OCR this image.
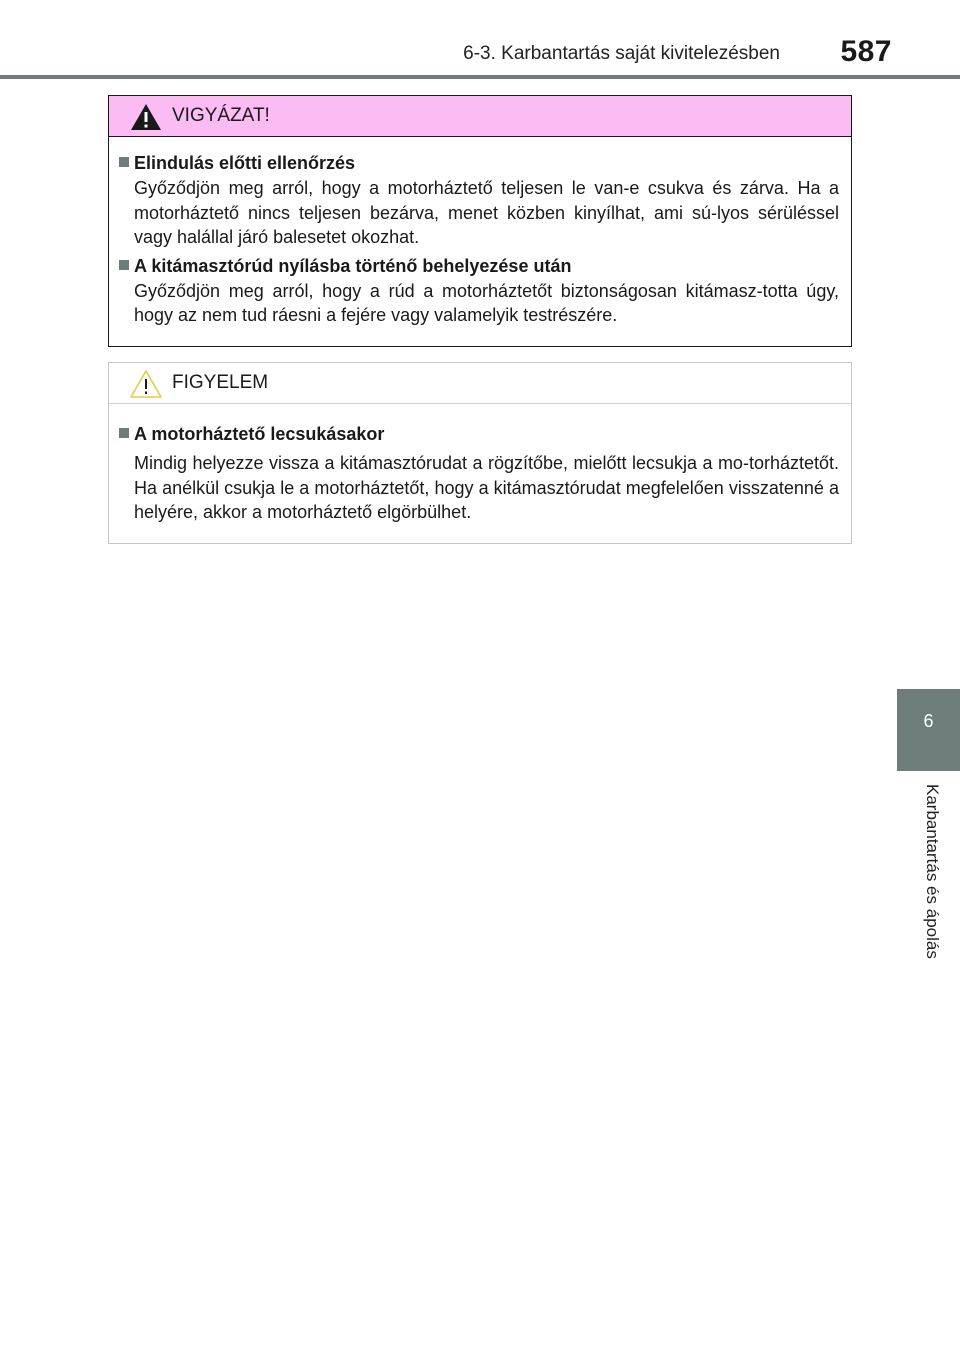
6-3. Karbantartás saját kivitelezésben	587
6
Karbantartás és ápolás
VIGYÁZAT!
Elindulás előtti ellenőrzés
Győződjön meg arról, hogy a motorháztető teljesen le van-e csukva és zárva. Ha a motorháztető nincs teljesen bezárva, menet közben kinyílhat, ami sú-lyos sérüléssel vagy halállal járó balesetet okozhat.
A kitámasztórúd nyílásba történő behelyezése után
Győződjön meg arról, hogy a rúd a motorháztetőt biztonságosan kitámasz-totta úgy, hogy az nem tud ráesni a fejére vagy valamelyik testrészére.
FIGYELEM
A motorháztető lecsukásakor
Mindig helyezze vissza a kitámasztórudat a rögzítőbe, mielőtt lecsukja a mo-torháztetőt. Ha anélkül csukja le a motorháztetőt, hogy a kitámasztórudat megfelelően visszatenné a helyére, akkor a motorháztető elgörbülhet.
